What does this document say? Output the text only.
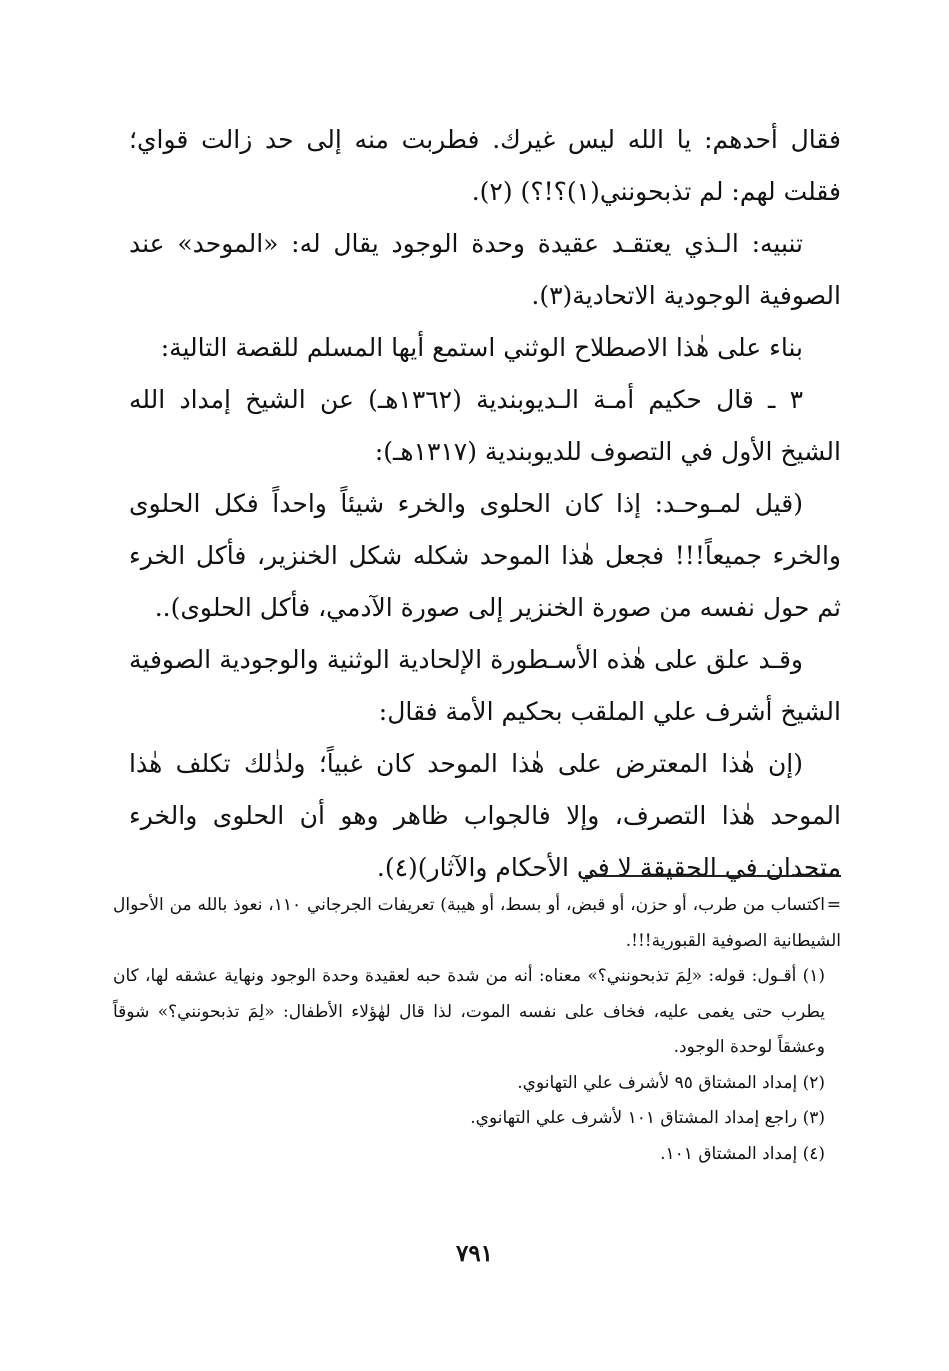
فقال أحدهم: يا الله ليس غيرك. فطربت منه إلى حد زالت قواي؛ فقلت لهم: لم تذبحونني(١)؟!؟) (٢).

تنبيه: الـذي يعتقـد عقيدة وحدة الوجود يقال له: «الموحد» عند الصوفية الوجودية الاتحادية(٣).

بناء على هٰذا الاصطلاح الوثني استمع أيها المسلم للقصة التالية:

٣ ـ قال حكيم أمـة الـديوبندية (١٣٦٢هـ) عن الشيخ إمداد الله الشيخ الأول في التصوف للديوبندية (١٣١٧هـ):

(قيل لمـوحـد: إذا كان الحلوى والخرء شيئاً واحداً فكل الحلوى والخرء جميعاً!!! فجعل هٰذا الموحد شكله شكل الخنزير، فأكل الخرء ثم حول نفسه من صورة الخنزير إلى صورة الآدمي، فأكل الحلوى)..

وقـد علق على هٰذه الأسـطورة الإلحادية الوثنية والوجودية الصوفية الشيخ أشرف علي الملقب بحكيم الأمة فقال:

(إن هٰذا المعترض على هٰذا الموحد كان غبياً؛ ولذٰلك تكلف هٰذا الموحد هٰذا التصرف، وإلا فالجواب ظاهر وهو أن الحلوى والخرء متحدان في الحقيقة لا في الأحكام والآثار)(٤).

=اكتساب من طرب، أو حزن، أو قبض، أو بسط، أو هيبة) تعريفات الجرجاني ١١٠، نعوذ بالله من الأحوال الشيطانية الصوفية القبورية!!!.

(١) أقـول: قوله: «لِمَ تذبحونني؟» معناه: أنه من شدة حبه لعقيدة وحدة الوجود ونهاية عشقه لها، كان يطرب حتى يغمى عليه، فخاف على نفسه الموت، لذا قال لهٰؤلاء الأطفال: «لِمَ تذبحونني؟» شوقاً وعشقاً لوحدة الوجود.

(٢) إمداد المشتاق ٩٥ لأشرف علي التهانوي.

(٣) راجع إمداد المشتاق ١٠١ لأشرف علي التهانوي.

(٤) إمداد المشتاق ١٠١.

٧٩١
